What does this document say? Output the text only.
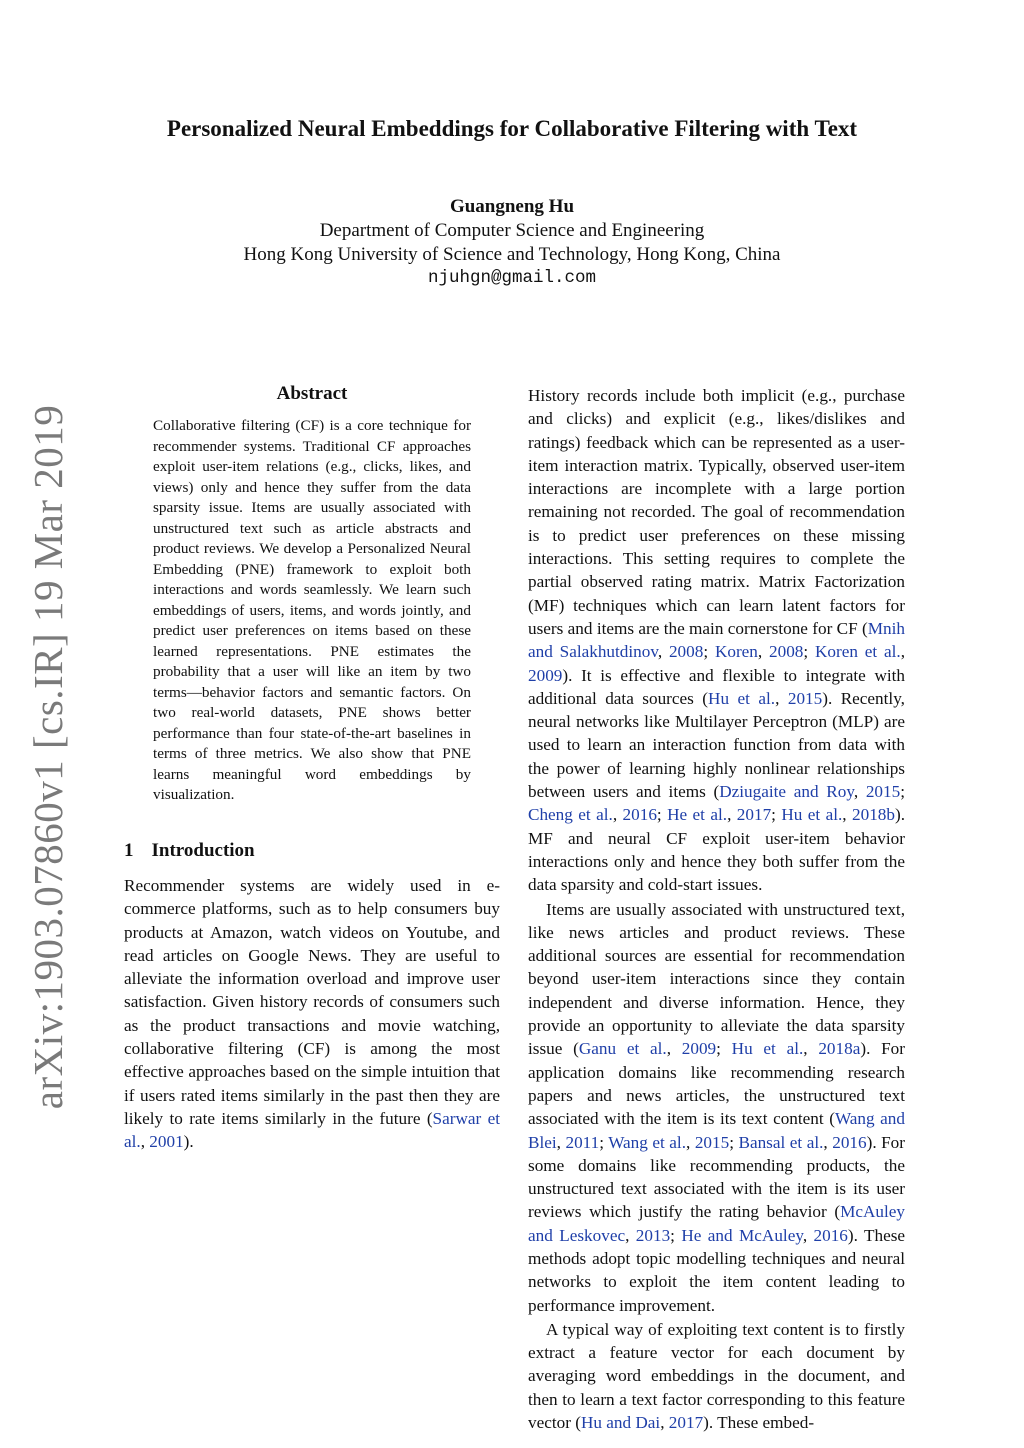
Personalized Neural Embeddings for Collaborative Filtering with Text
Guangneng Hu
Department of Computer Science and Engineering
Hong Kong University of Science and Technology, Hong Kong, China
njuhgn@gmail.com
arXiv:1903.07860v1 [cs.IR] 19 Mar 2019
Abstract
Collaborative filtering (CF) is a core technique for recommender systems. Traditional CF approaches exploit user-item relations (e.g., clicks, likes, and views) only and hence they suffer from the data sparsity issue. Items are usually associated with unstructured text such as article abstracts and product reviews. We develop a Personalized Neural Embedding (PNE) framework to exploit both interactions and words seamlessly. We learn such embeddings of users, items, and words jointly, and predict user preferences on items based on these learned representations. PNE estimates the probability that a user will like an item by two terms—behavior factors and semantic factors. On two real-world datasets, PNE shows better performance than four state-of-the-art baselines in terms of three metrics. We also show that PNE learns meaningful word embeddings by visualization.
1 Introduction

Recommender systems are widely used in e-commerce platforms, such as to help consumers buy products at Amazon, watch videos on Youtube, and read articles on Google News. They are useful to alleviate the information overload and improve user satisfaction. Given history records of consumers such as the product transactions and movie watching, collaborative filtering (CF) is among the most effective approaches based on the simple intuition that if users rated items similarly in the past then they are likely to rate items similarly in the future (Sarwar et al., 2001).

History records include both implicit (e.g., purchase and clicks) and explicit (e.g., likes/dislikes and ratings) feedback which can be represented as a user-item interaction matrix. Typically, observed user-item interactions are incomplete with a large portion remaining not recorded. The goal of recommendation is to predict user preferences on these missing interactions. This setting requires to complete the partial observed rating matrix. Matrix Factorization (MF) techniques which can learn latent factors for users and items are the main cornerstone for CF (Mnih and Salakhutdinov, 2008; Koren, 2008; Koren et al., 2009). It is effective and flexible to integrate with additional data sources (Hu et al., 2015). Recently, neural networks like Multilayer Perceptron (MLP) are used to learn an interaction function from data with the power of learning highly nonlinear relationships between users and items (Dziugaite and Roy, 2015; Cheng et al., 2016; He et al., 2017; Hu et al., 2018b). MF and neural CF exploit user-item behavior interactions only and hence they both suffer from the data sparsity and cold-start issues.

Items are usually associated with unstructured text, like news articles and product reviews. These additional sources are essential for recommendation beyond user-item interactions since they contain independent and diverse information. Hence, they provide an opportunity to alleviate the data sparsity issue (Ganu et al., 2009; Hu et al., 2018a). For application domains like recommending research papers and news articles, the unstructured text associated with the item is its text content (Wang and Blei, 2011; Wang et al., 2015; Bansal et al., 2016). For some domains like recommending products, the unstructured text associated with the item is its user reviews which justify the rating behavior (McAuley and Leskovec, 2013; He and McAuley, 2016). These methods adopt topic modelling techniques and neural networks to exploit the item content leading to performance improvement.

A typical way of exploiting text content is to firstly extract a feature vector for each document by averaging word embeddings in the document, and then to learn a text factor corresponding to this feature vector (Hu and Dai, 2017). These embed-
